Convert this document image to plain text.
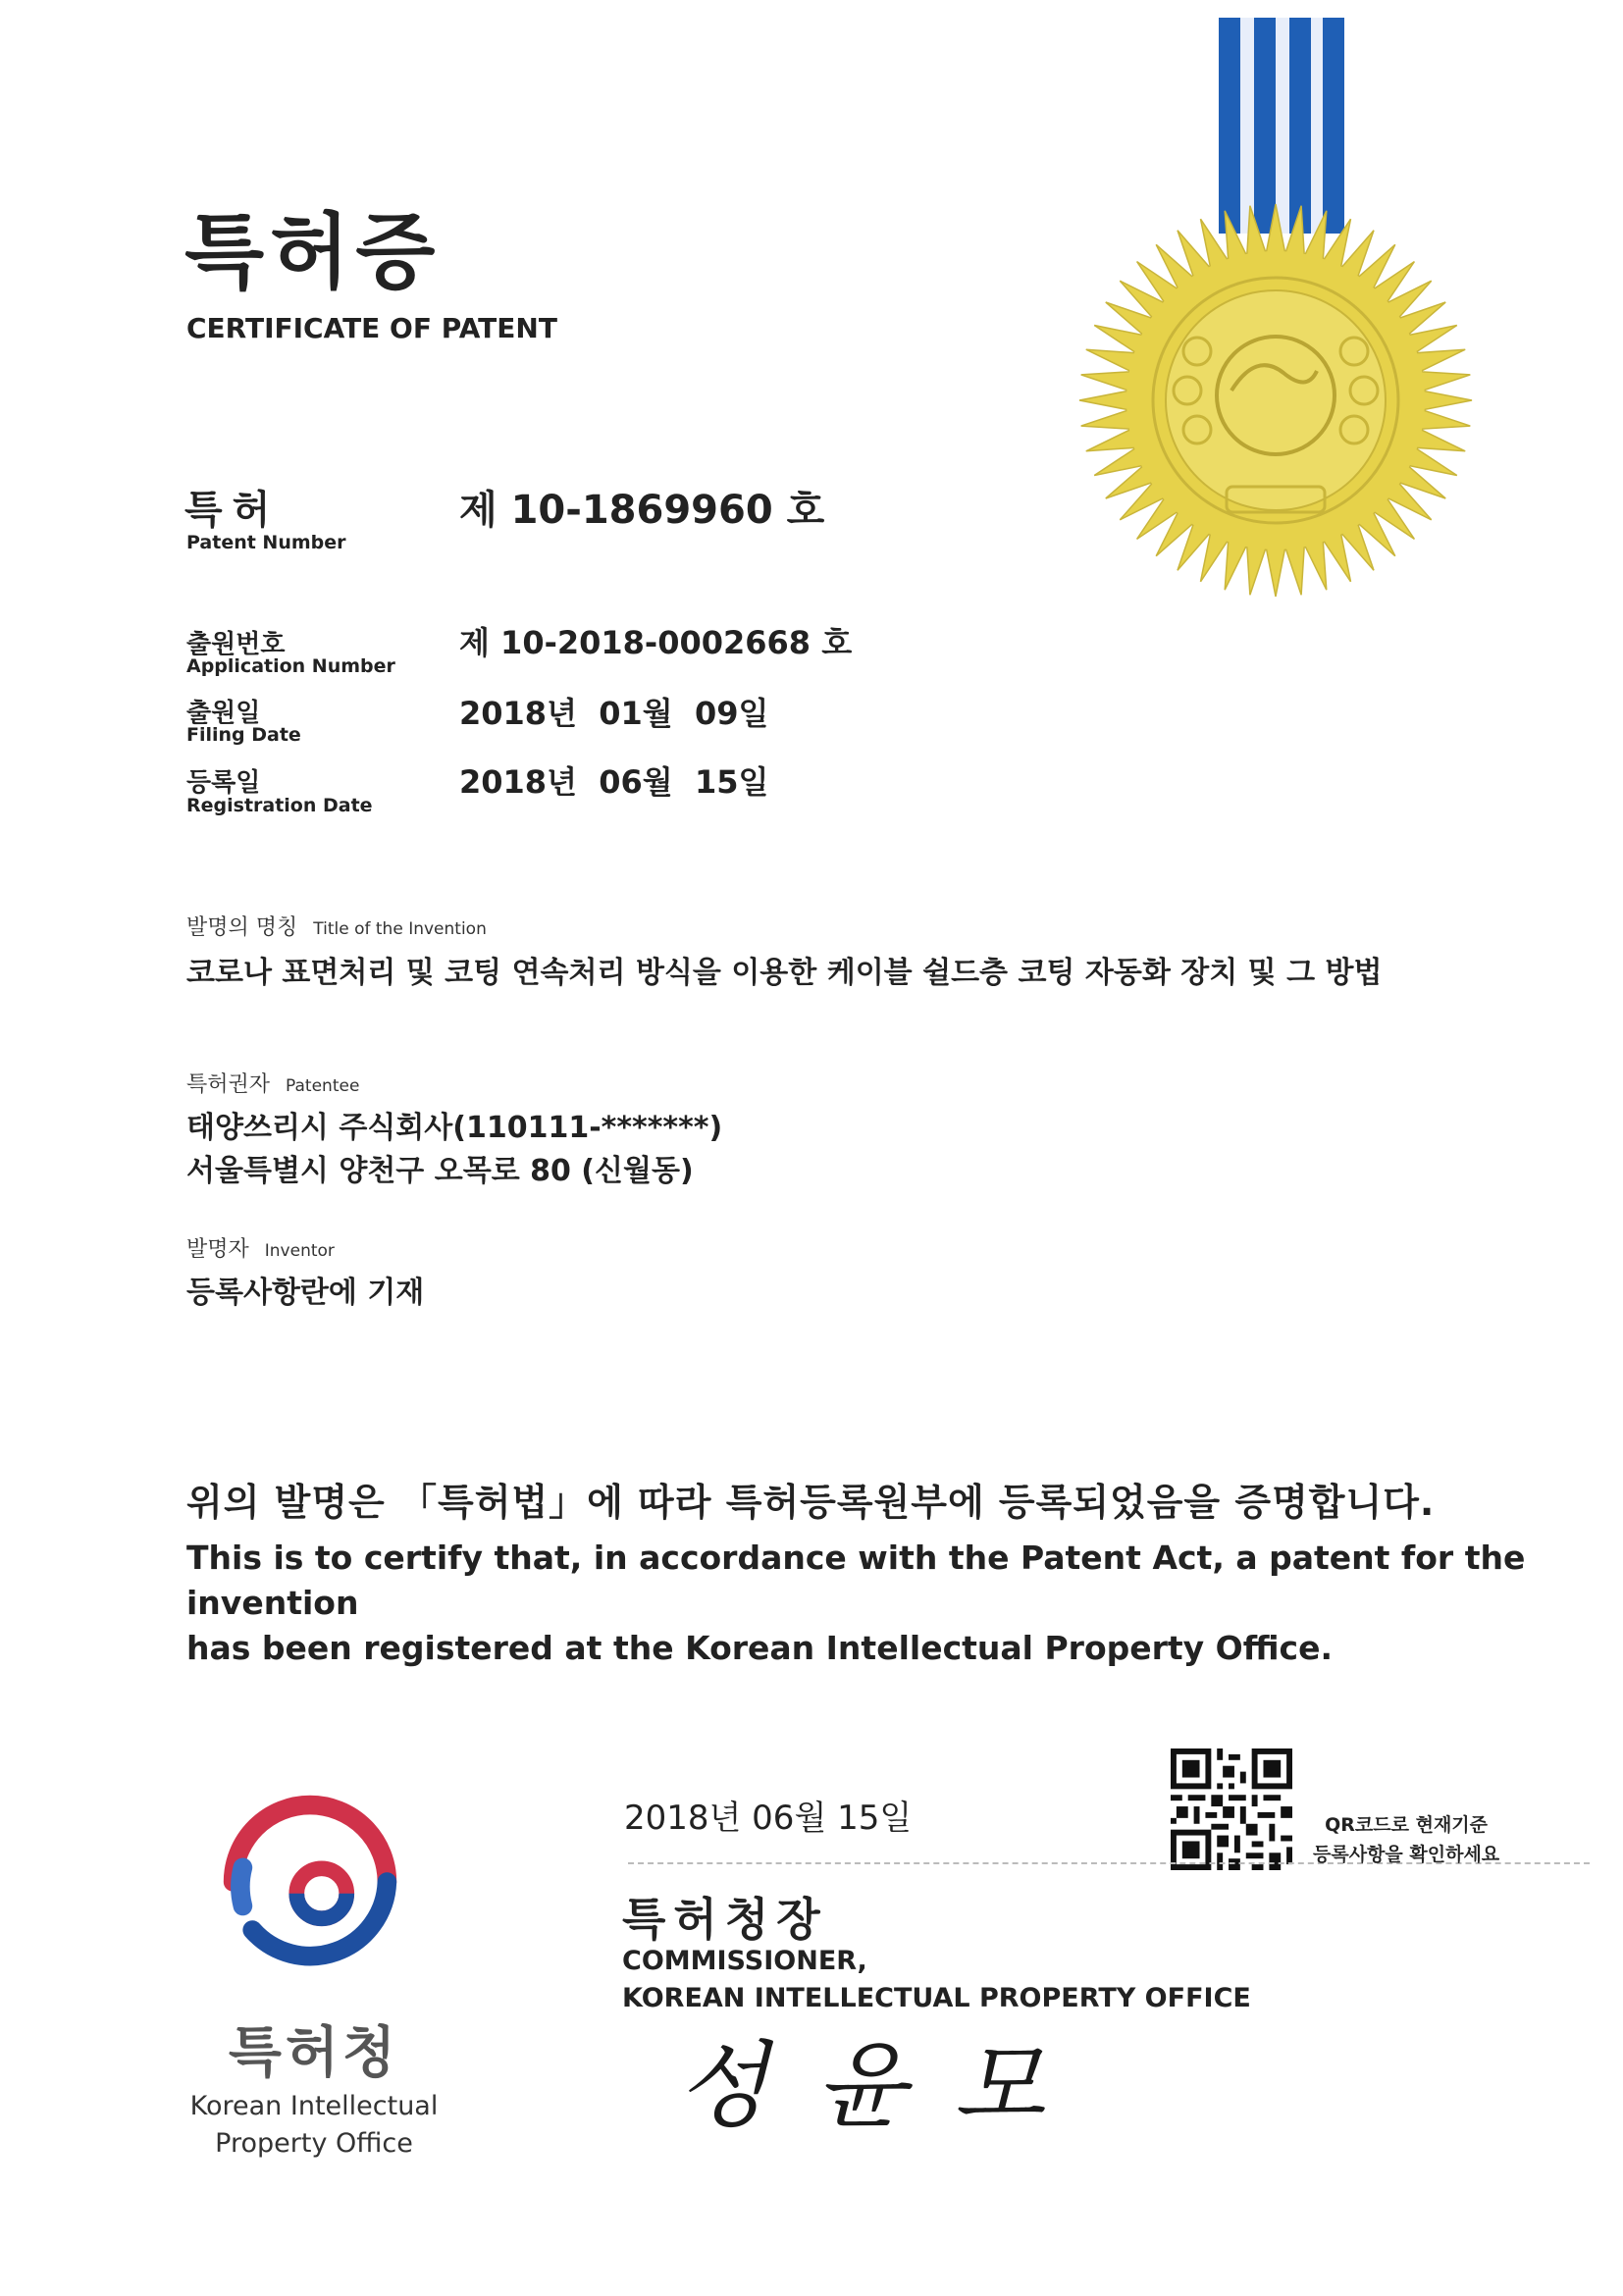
특허증
CERTIFICATE OF PATENT
특허
Patent Number
제 10-1869960 호
출원번호
Application Number
제 10-2018-0002668 호
출원일
Filing Date
2018년  01월  09일
등록일
Registration Date
2018년  06월  15일
발명의 명칭 Title of the Invention
코로나 표면처리 및 코팅 연속처리 방식을 이용한 케이블 쉴드층 코팅 자동화 장치 및 그 방법
특허권자 Patentee
태양쓰리시 주식회사(110111-*******)
서울특별시 양천구 오목로 80 (신월동)
발명자 Inventor
등록사항란에 기재
위의 발명은 「특허법」에 따라 특허등록원부에 등록되었음을 증명합니다.
This is to certify that, in accordance with the Patent Act, a patent for the invention
has been registered at the Korean Intellectual Property Office.
2018년 06월 15일	QR코드로 현재기준
등록사항을 확인하세요
특허청장
COMMISSIONER,
KOREAN INTELLECTUAL PROPERTY OFFICE
성윤모
특허청
Korean Intellectual
Property Office
